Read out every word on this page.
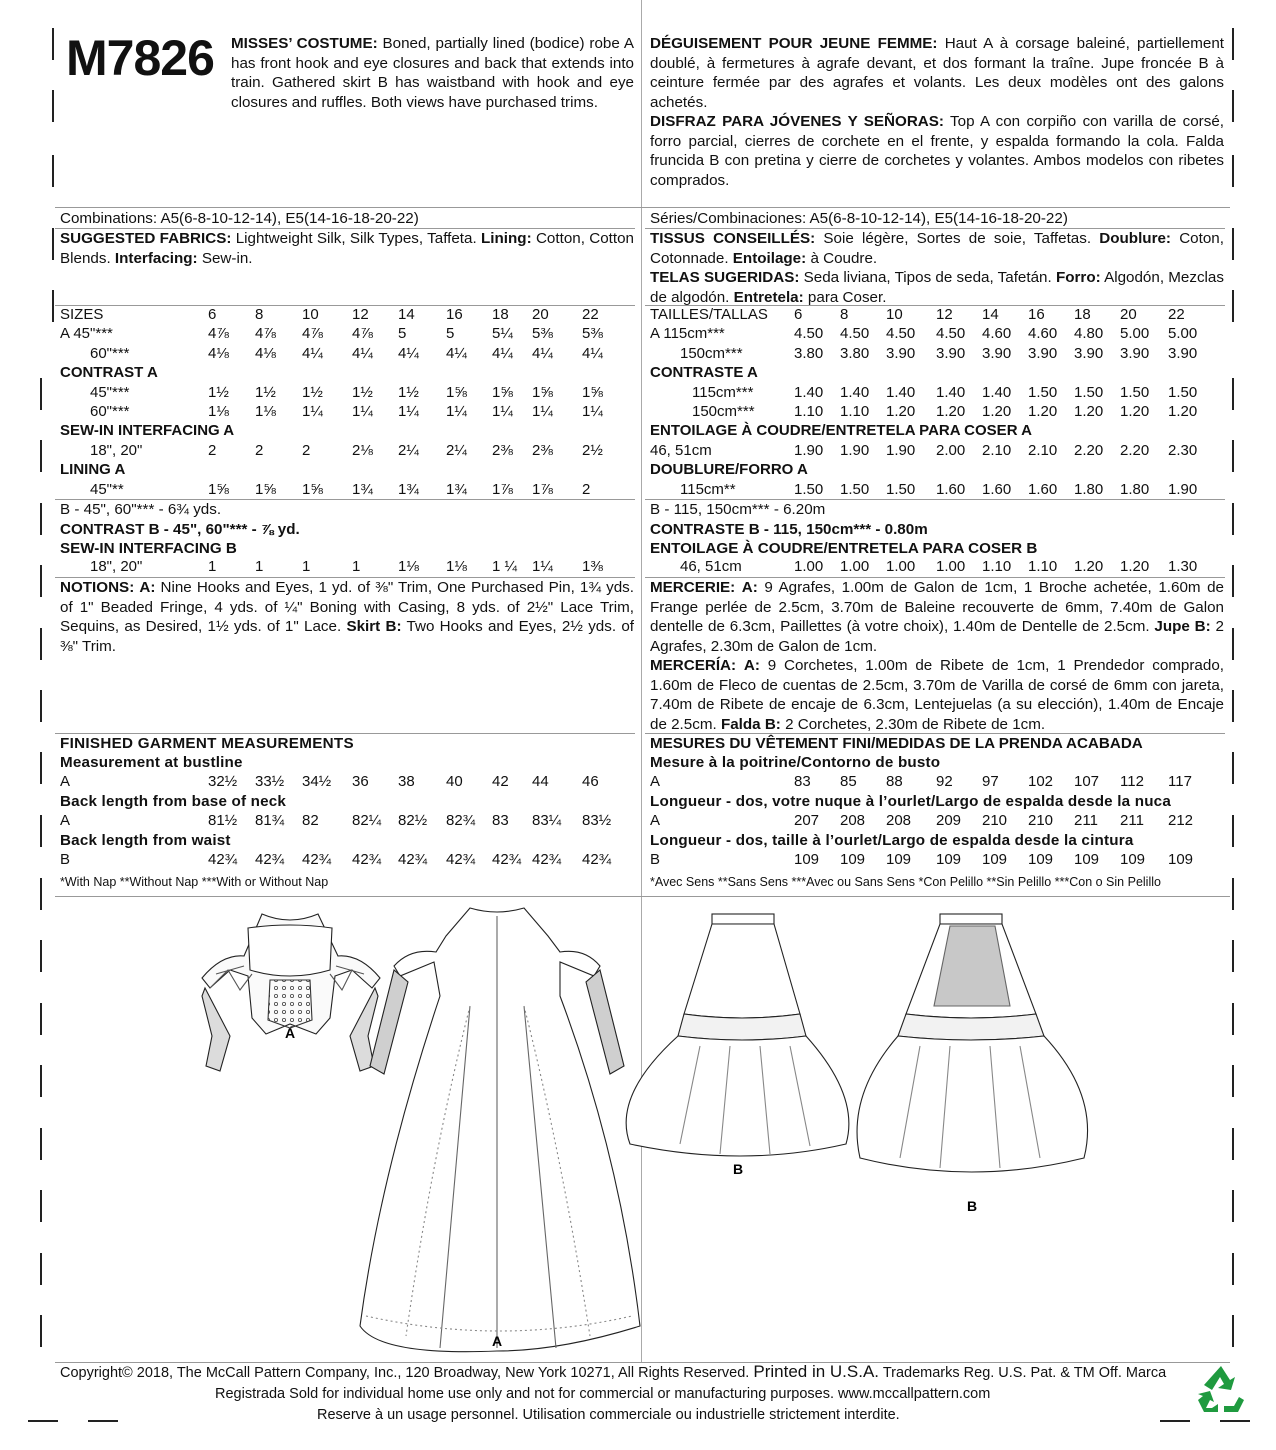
M7826 MISSES’ COSTUME: Boned, partially lined (bodice) robe A has front hook and eye closures and back that extends into train. Gathered skirt B has waistband with hook and eye closures and ruffles. Both views have purchased trims.
DÉGUISEMENT POUR JEUNE FEMME: Haut A à corsage baleiné, partiellement doublé, à fermetures à agrafe devant, et dos formant la traîne. Jupe froncée B à ceinture fermée par des agrafes et volants. Les deux modèles ont des galons achetés.
DISFRAZ PARA JÓVENES Y SEÑORAS: Top A con corpiño con varilla de corsé, forro parcial, cierres de corchete en el frente, y espalda formando la cola. Falda fruncida B con pretina y cierre de corchetes y volantes. Ambos modelos con ribetes comprados.
Combinations: A5(6-8-10-12-14), E5(14-16-18-20-22)
SUGGESTED FABRICS: Lightweight Silk, Silk Types, Taffeta. Lining: Cotton, Cotton Blends. Interfacing: Sew-in.
SIZES	6	8	10 12 14 16 18 20 22
A 45"***	4⅞ 4⅞ 4⅞ 4⅞ 5	5	5¼ 5⅜ 5⅜
60"***	4⅛ 4⅛ 4¼ 4¼ 4¼ 4¼ 4¼ 4¼ 4¼
CONTRAST A
45"***	1½ 1½ 1½ 1½ 1½ 1⅝ 1⅝ 1⅝ 1⅝
60"***	1⅛ 1⅛ 1¼ 1¼ 1¼ 1¼ 1¼ 1¼ 1¼
SEW-IN INTERFACING A
18", 20"	2	2	2	2⅛ 2¼ 2¼ 2⅜ 2⅜ 2½
LINING A
45"**	1⅝ 1⅝ 1⅝ 1¾ 1¾ 1¾ 1⅞ 1⅞ 2
B - 45", 60"*** - 6¾ yds.
CONTRAST B - 45", 60"*** - ⅞ yd.
SEW-IN INTERFACING B
18", 20"	1	1	1	1	1⅛ 1⅛ 1 ¼ 1¼ 1⅜
NOTIONS: A: Nine Hooks and Eyes, 1 yd. of ⅜" Trim, One Purchased Pin, 1¾ yds. of 1" Beaded Fringe, 4 yds. of ¼" Boning with Casing, 8 yds. of 2½" Lace Trim, Sequins, as Desired, 1½ yds. of 1" Lace. Skirt B: Two Hooks and Eyes, 2½ yds. of ⅜" Trim.
FINISHED GARMENT MEASUREMENTS
Measurement at bustline
A	32½ 33½ 34½ 36 38 40 42 44 46
Back length from base of neck
A	81½ 81¾ 82 82¼ 82½ 82¾ 83 83¼ 83½
Back length from waist
B	42¾ 42¾ 42¾ 42¾ 42¾ 42¾ 42¾ 42¾ 42¾
*With Nap **Without Nap ***With or Without Nap
Séries/Combinaciones: A5(6-8-10-12-14), E5(14-16-18-20-22)
TISSUS CONSEILLÉS: Soie légère, Sortes de soie, Taffetas. Doublure: Coton, Cotonnade. Entoilage: à Coudre.
TELAS SUGERIDAS: Seda liviana, Tipos de seda, Tafetán. Forro: Algodón, Mezclas de algodón. Entretela: para Coser.
TAILLES/TALLAS 6	8	10 12 14 16 18 20 22
A 115cm***	4.50 4.50 4.50 4.50 4.60 4.60 4.80 5.00 5.00
150cm***	3.80 3.80 3.90 3.90 3.90 3.90 3.90 3.90 3.90
CONTRASTE A
115cm***	1.40 1.40 1.40 1.40 1.40 1.50 1.50 1.50 1.50
150cm***	1.10 1.10 1.20 1.20 1.20 1.20 1.20 1.20 1.20
ENTOILAGE À COUDRE/ENTRETELA PARA COSER A
46, 51cm	1.90 1.90 1.90 2.00 2.10 2.10 2.20 2.20 2.30
DOUBLURE/FORRO A
115cm**	1.50 1.50 1.50 1.60 1.60 1.60 1.80 1.80 1.90
B - 115, 150cm*** - 6.20m
CONTRASTE B - 115, 150cm*** - 0.80m
ENTOILAGE À COUDRE/ENTRETELA PARA COSER B
46, 51cm	1.00 1.00 1.00 1.00 1.10 1.10 1.20 1.20 1.30
MERCERIE: A: 9 Agrafes, 1.00m de Galon de 1cm, 1 Broche achetée, 1.60m de Frange perlée de 2.5cm, 3.70m de Baleine recouverte de 6mm, 7.40m de Galon dentelle de 6.3cm, Paillettes (à votre choix), 1.40m de Dentelle de 2.5cm. Jupe B: 2 Agrafes, 2.30m de Galon de 1cm.
MERCERÍA: A: 9 Corchetes, 1.00m de Ribete de 1cm, 1 Prendedor comprado, 1.60m de Fleco de cuentas de 2.5cm, 3.70m de Varilla de corsé de 6mm con jareta, 7.40m de Ribete de encaje de 6.3cm, Lentejuelas (a su elección), 1.40m de Encaje de 2.5cm. Falda B: 2 Corchetes, 2.30m de Ribete de 1cm.
MESURES DU VÊTEMENT FINI/MEDIDAS DE LA PRENDA ACABADA
Mesure à la poitrine/Contorno de busto
A	83 85 88 92 97 102 107 112 117
Longueur - dos, votre nuque à l’ourlet/Largo de espalda desde la nuca
A	207 208 208 209 210 210 211 211 212
Longueur - dos, taille à l’ourlet/Largo de espalda desde la cintura
B	109 109 109 109 109 109 109 109 109
*Avec Sens **Sans Sens ***Avec ou Sans Sens *Con Pelillo **Sin Pelillo ***Con o Sin Pelillo
A
A
B
B
Copyright© 2018, The McCall Pattern Company, Inc., 120 Broadway, New York 10271, All Rights Reserved. Printed in U.S.A. Trademarks Reg. U.S. Pat. & TM Off. Marca
Registrada Sold for individual home use only and not for commercial or manufacturing purposes. www.mccallpattern.com
Reserve à un usage personnel. Utilisation commerciale ou industrielle strictement interdite.
